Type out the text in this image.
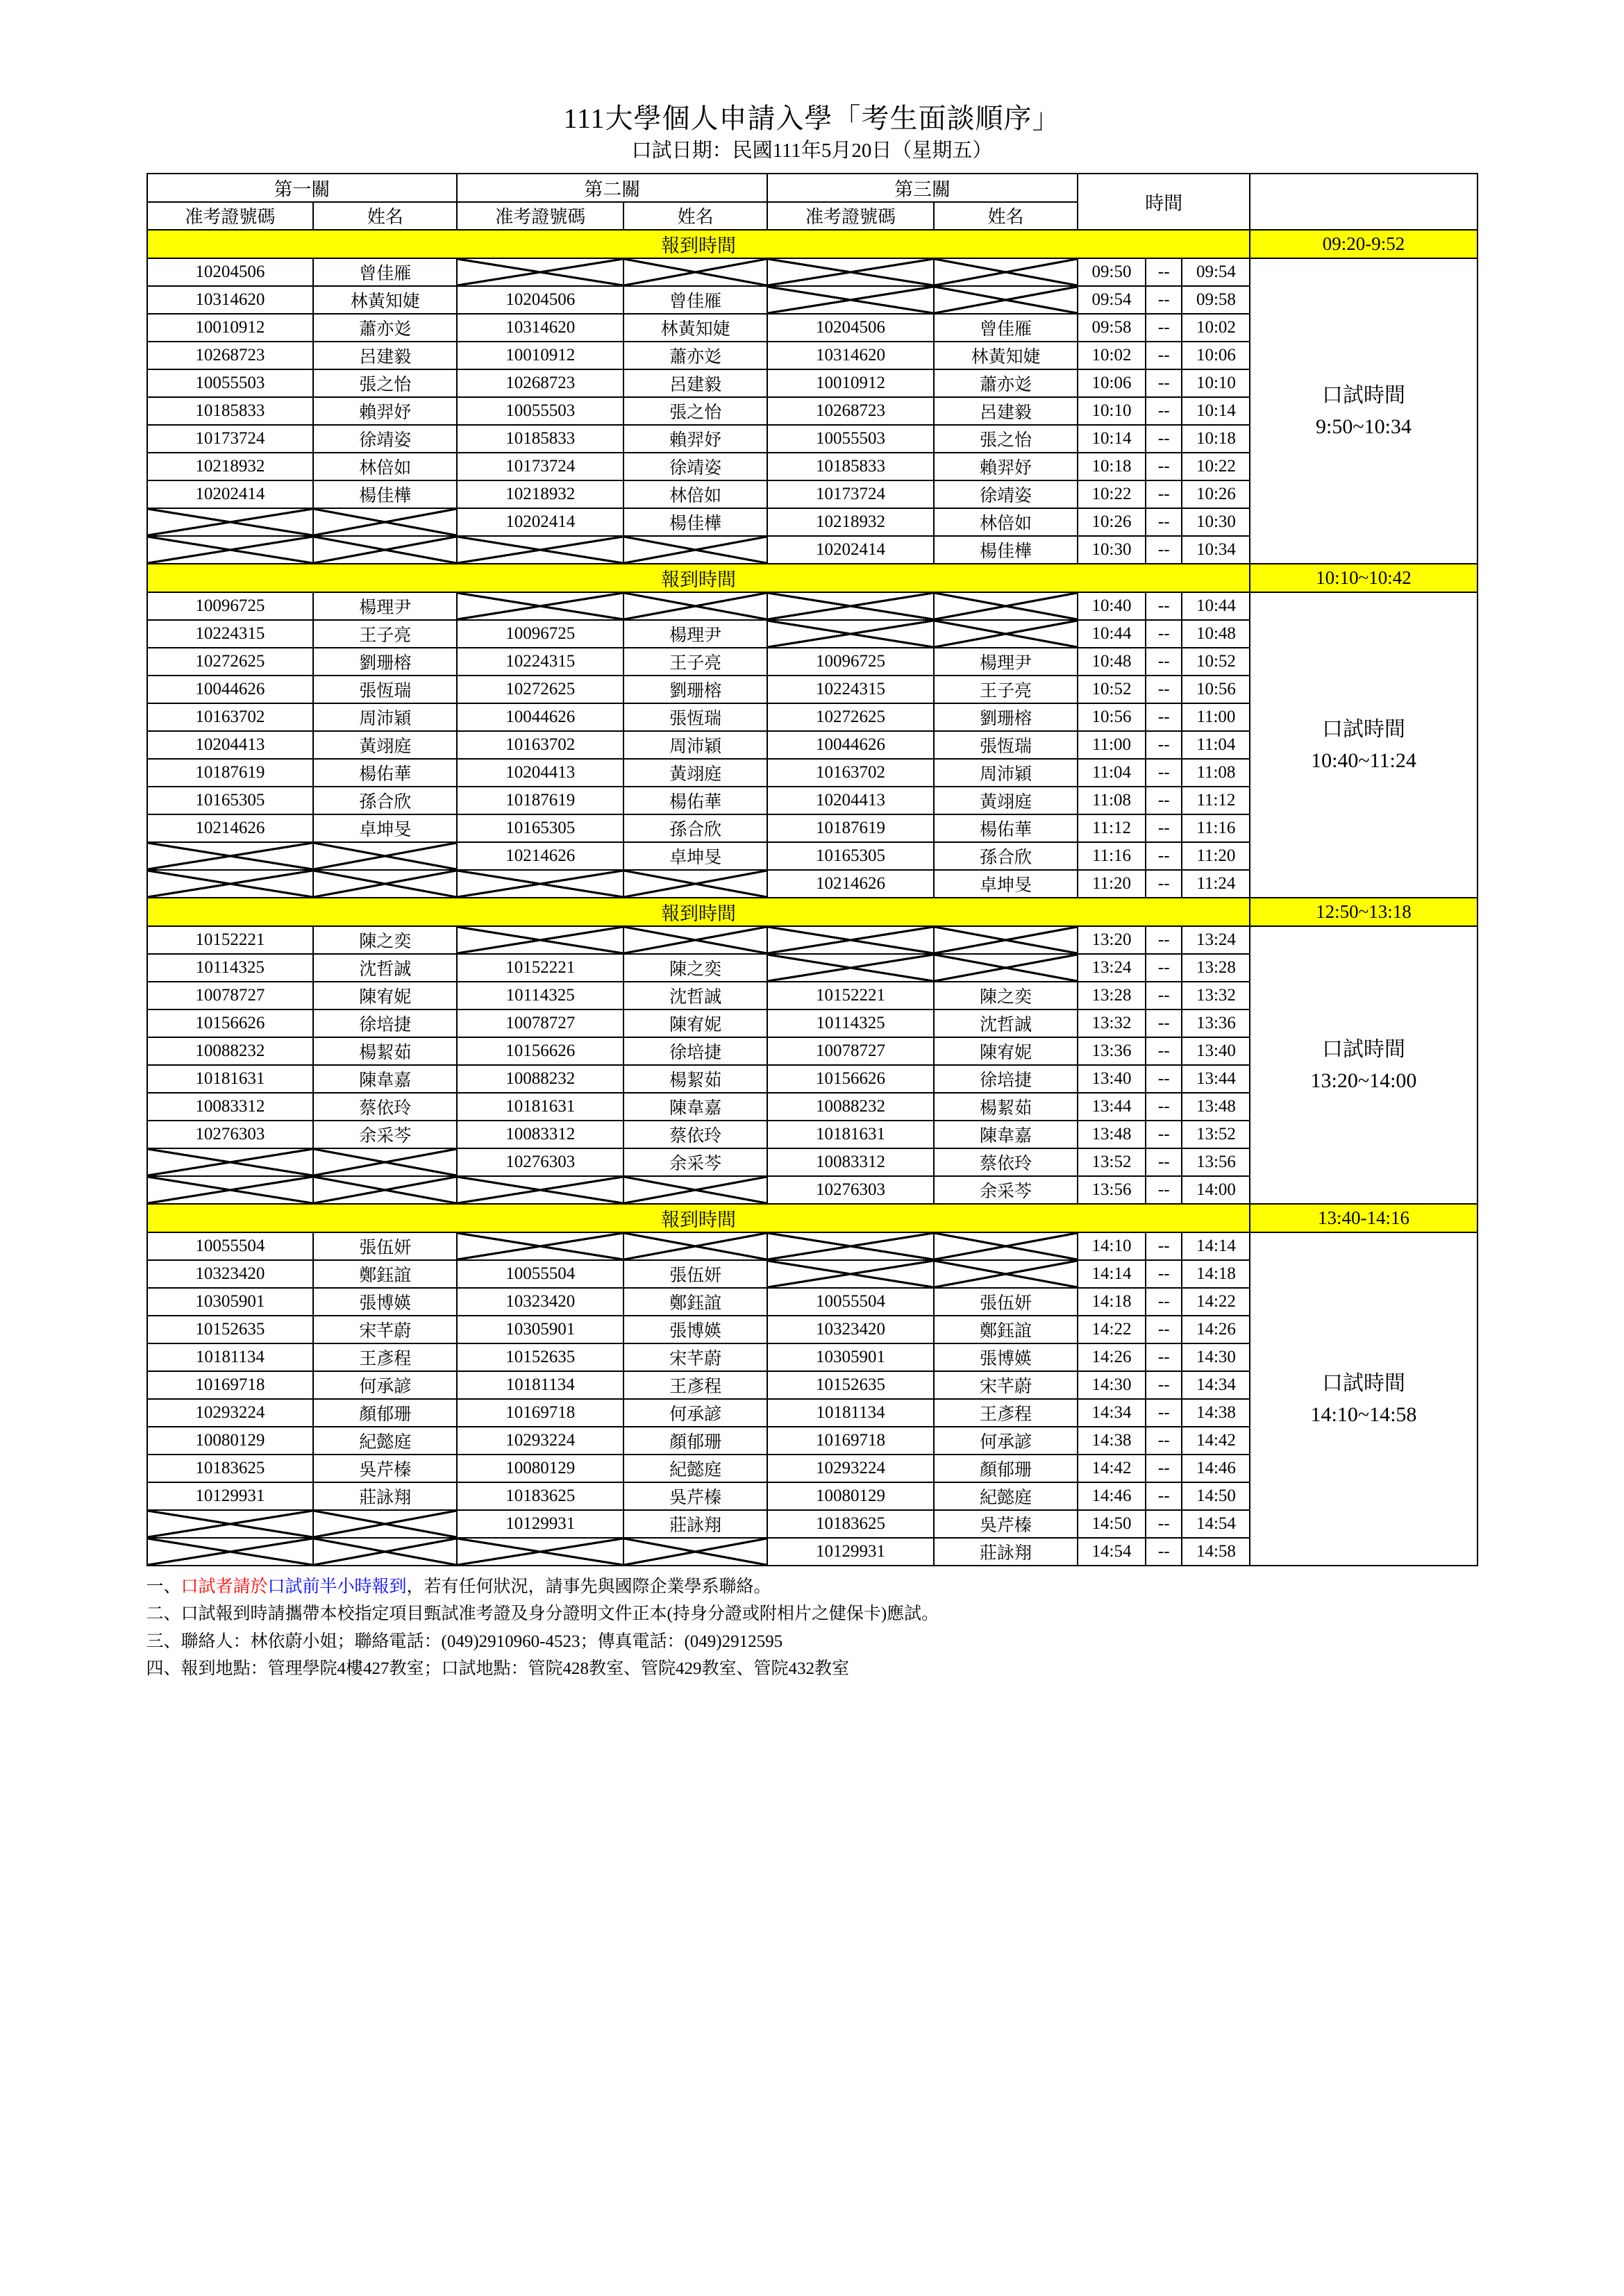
111大學個人申請入學「考生面談順序」
口試日期：民國111年5月20日（星期五）
第一關		第二關		第三關		時間			
准考證號碼	姓名	准考證號碼	姓名	准考證號碼	姓名				
報到時間									09:20-9:52
10204506	曾佳雁					09:50	--	09:54	口試時間
9:50~10:34

10314620	林黃知婕	10204506	曾佳雁			09:54	--	09:58	
10010912	蕭亦彣	10314620	林黃知婕	10204506	曾佳雁	09:58	--	10:02	
10268723	呂建毅	10010912	蕭亦彣	10314620	林黃知婕	10:02	--	10:06	
10055503	張之怡	10268723	呂建毅	10010912	蕭亦彣	10:06	--	10:10	
10185833	賴羿妤	10055503	張之怡	10268723	呂建毅	10:10	--	10:14	
10173724	徐靖姿	10185833	賴羿妤	10055503	張之怡	10:14	--	10:18	
10218932	林倍如	10173724	徐靖姿	10185833	賴羿妤	10:18	--	10:22	
10202414	楊佳樺	10218932	林倍如	10173724	徐靖姿	10:22	--	10:26	
		10202414	楊佳樺	10218932	林倍如	10:26	--	10:30	
				10202414	楊佳樺	10:30	--	10:34	
報到時間									10:10~10:42
10096725	楊理尹					10:40	--	10:44	口試時間
10:40~11:24

10224315	王子亮	10096725	楊理尹			10:44	--	10:48	
10272625	劉珊榕	10224315	王子亮	10096725	楊理尹	10:48	--	10:52	
10044626	張恆瑞	10272625	劉珊榕	10224315	王子亮	10:52	--	10:56	
10163702	周沛穎	10044626	張恆瑞	10272625	劉珊榕	10:56	--	11:00	
10204413	黃翊庭	10163702	周沛穎	10044626	張恆瑞	11:00	--	11:04	
10187619	楊佑華	10204413	黃翊庭	10163702	周沛穎	11:04	--	11:08	
10165305	孫合欣	10187619	楊佑華	10204413	黃翊庭	11:08	--	11:12	
10214626	卓坤旻	10165305	孫合欣	10187619	楊佑華	11:12	--	11:16	
		10214626	卓坤旻	10165305	孫合欣	11:16	--	11:20	
				10214626	卓坤旻	11:20	--	11:24	
報到時間									12:50~13:18
10152221	陳之奕					13:20	--	13:24	口試時間
13:20~14:00

10114325	沈哲誠	10152221	陳之奕			13:24	--	13:28	
10078727	陳宥妮	10114325	沈哲誠	10152221	陳之奕	13:28	--	13:32	
10156626	徐培捷	10078727	陳宥妮	10114325	沈哲誠	13:32	--	13:36	
10088232	楊絜茹	10156626	徐培捷	10078727	陳宥妮	13:36	--	13:40	
10181631	陳韋嘉	10088232	楊絜茹	10156626	徐培捷	13:40	--	13:44	
10083312	蔡依玲	10181631	陳韋嘉	10088232	楊絜茹	13:44	--	13:48	
10276303	余采芩	10083312	蔡依玲	10181631	陳韋嘉	13:48	--	13:52	
		10276303	余采芩	10083312	蔡依玲	13:52	--	13:56	
				10276303	余采芩	13:56	--	14:00	
報到時間									13:40-14:16
10055504	張伍妍					14:10	--	14:14	口試時間
14:10~14:58

10323420	鄭鈺誼	10055504	張伍妍			14:14	--	14:18	
10305901	張博媖	10323420	鄭鈺誼	10055504	張伍妍	14:18	--	14:22	
10152635	宋芊蔚	10305901	張博媖	10323420	鄭鈺誼	14:22	--	14:26	
10181134	王彥程	10152635	宋芊蔚	10305901	張博媖	14:26	--	14:30	
10169718	何承諺	10181134	王彥程	10152635	宋芊蔚	14:30	--	14:34	
10293224	顏郁珊	10169718	何承諺	10181134	王彥程	14:34	--	14:38	
10080129	紀懿庭	10293224	顏郁珊	10169718	何承諺	14:38	--	14:42	
10183625	吳芹榛	10080129	紀懿庭	10293224	顏郁珊	14:42	--	14:46	
10129931	莊詠翔	10183625	吳芹榛	10080129	紀懿庭	14:46	--	14:50	
		10129931	莊詠翔	10183625	吳芹榛	14:50	--	14:54	
				10129931	莊詠翔	14:54	--	14:58	
一、口試者請於口試前半小時報到，若有任何狀況，請事先與國際企業學系聯絡。
二、口試報到時請攜帶本校指定項目甄試准考證及身分證明文件正本(持身分證或附相片之健保卡)應試。
三、聯絡人：林依蔚小姐；聯絡電話：(049)2910960-4523；傳真電話：(049)2912595
四、報到地點：管理學院4樓427教室；口試地點：管院428教室、管院429教室、管院432教室
